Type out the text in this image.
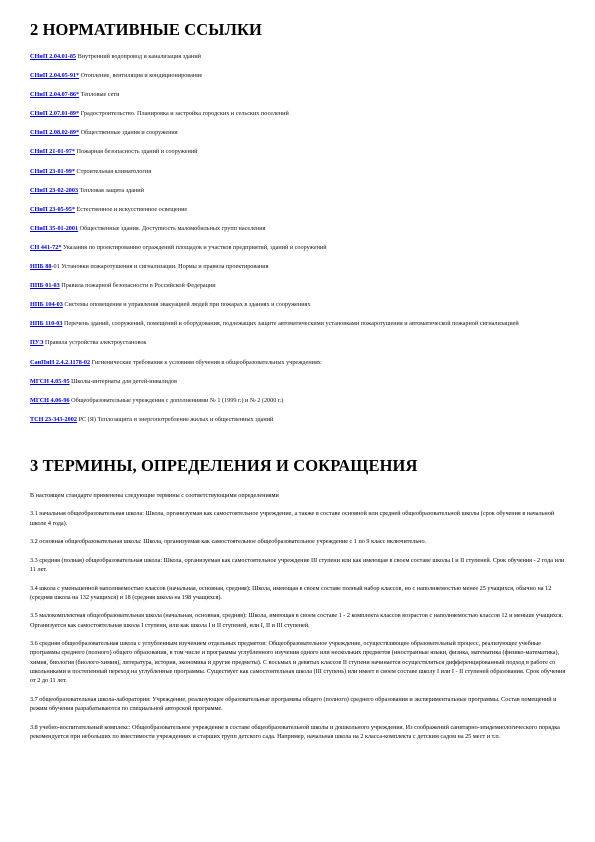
2 НОРМАТИВНЫЕ ССЫЛКИ

СНиП 2.04.01-85 Внутренний водопровод и канализация зданий

СНиП 2.04.05-91* Отопление, вентиляция и кондиционирование

СНиП 2.04.07-86* Тепловые сети

СНиП 2.07.01-89* Градостроительство. Планировка и застройка городских и сельских поселений

СНиП 2.08.02-89* Общественные здания и сооружения

СНиП 21-01-97* Пожарная безопасность зданий и сооружений

СНиП 23-01-99* Строительная климатология

СНиП 23-02-2003 Тепловая защита зданий

СНиП 23-05-95* Естественное и искусственное освещение

СНиП 35-01-2001 Общественные здания. Доступность маломобильных групп населения

СН 441-72* Указания по проектированию ограждений площадок и участков предприятий, зданий и сооружений

НПБ 88-01 Установки пожаротушения и сигнализации. Нормы и правила проектирования

ППБ 01-03 Правила пожарной безопасности в Российской Федерации

НПБ 104-03 Системы оповещения и управления эвакуацией людей при пожарах в зданиях и сооружениях

НПБ 110-03 Перечень зданий, сооружений, помещений и оборудования, подлежащих защите автоматическими установками пожаротушения и автоматической пожарной сигнализацией

ПУЭ Правила устройства электроустановок

СанПиН 2.4.2.1178-02 Гигиенические требования к условиям обучения в общеобразовательных учреждениях

МГСН 4.05-95 Школы-интернаты для детей-инвалидов

МГСН 4.06-96 Общеобразовательные учреждения с дополнениями № 1 (1999 г.) и № 2 (2000 г.)

ТСН 23-343-2002 РС (Я) Теплозащита и энергопотребление жилых и общественных зданий

3 ТЕРМИНЫ, ОПРЕДЕЛЕНИЯ И СОКРАЩЕНИЯ

В настоящем стандарте применены следующие термины с соответствующими определениями

3.1 начальная общеобразовательная школа: Школа, организуемая как самостоятельное учреждение, а также в составе основной или средней общеобразовательной школы (срок обучения в начальной школе 4 года).

3.2 основная общеобразовательная школа: Школа, организуемая как самостоятельное общеобразовательное учреждение с 1 по 9 класс включительно.

3.3 средняя (полная) общеобразовательная школа: Школа, организуемая как самостоятельное учреждение III ступени или как имеющая в своем составе школы I и II ступеней. Срок обучения - 2 года или 11 лет.

3.4 школа с уменьшенной наполняемостью классов (начальная, основная, средняя): Школа, имеющая в своем составе полный набор классов, но с наполняемостью менее 25 учащихся, обычно на 12 (средняя школа на 132 учащихся) и 18 (средняя школа на 198 учащихся).

3.5 малокомплектная общеобразовательная школа (начальная, основная, средняя): Школа, имеющая в своем составе 1 - 2 комплекта классов возрастов с наполняемостью классов 12 и меньше учащихся. Организуется как самостоятельная школа I ступени, или как школа I и II ступеней, или I, II и III ступеней.

3.6 средняя общеобразовательная школа с углубленным изучением отдельных предметов: Общеобразовательное учреждение, осуществляющее образовательный процесс, реализующее учебные программы среднего (полного) общего образования, в том числе и программы углубленного изучения одного или нескольких предметов (иностранные языки, физика, математика (физико-математика), химия, биология (биолого-химия), литература, история, экономика и другие предметы). С восьмых и девятых классов II ступени начинается осуществляться дифференцированный подход в работе со школьниками и постепенный переход на углубленные программы. Существует как самостоятельная школа (III ступень) или имеет в своем составе школу I или I - II ступеней образования. Срок обучения от 2 до 11 лет.

3.7 общеобразовательная школа-лаборатория: Учреждение, реализующее образовательные программы общего (полного) среднего образования и экспериментальные программы. Состав помещений и режим обучения разрабатываются по специальной авторской программе.

3.8 учебно-воспитательный комплекс: Общеобразовательное учреждение в составе общеобразовательной школы и дошкольного учреждения. Из соображений санитарно-эпидемиологического порядка рекомендуется при небольших по вместимости учреждениях и старших групп детского сада. Например, начальная школа на 2 класса-комплекта с детским садом на 25 мест и т.п.
